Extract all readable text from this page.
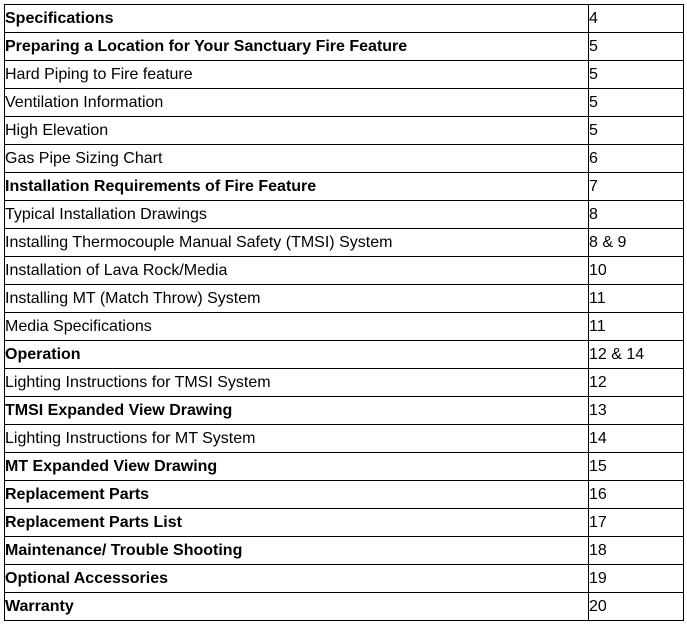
Specifications	4
Preparing a Location for Your Sanctuary Fire Feature	5
Hard Piping to Fire feature	5
Ventilation Information	5
High Elevation	5
Gas Pipe Sizing Chart	6
Installation Requirements of Fire Feature	7
Typical Installation Drawings	8
Installing Thermocouple Manual Safety (TMSI) System	8 & 9
Installation of Lava Rock/Media	10
Installing MT (Match Throw) System	11
Media Specifications	11
Operation	12 & 14
Lighting Instructions for TMSI System	12
TMSI Expanded View Drawing	13
Lighting Instructions for MT System	14
MT Expanded View Drawing	15
Replacement Parts	16
Replacement Parts List	17
Maintenance/ Trouble Shooting	18
Optional Accessories	19
Warranty	20
